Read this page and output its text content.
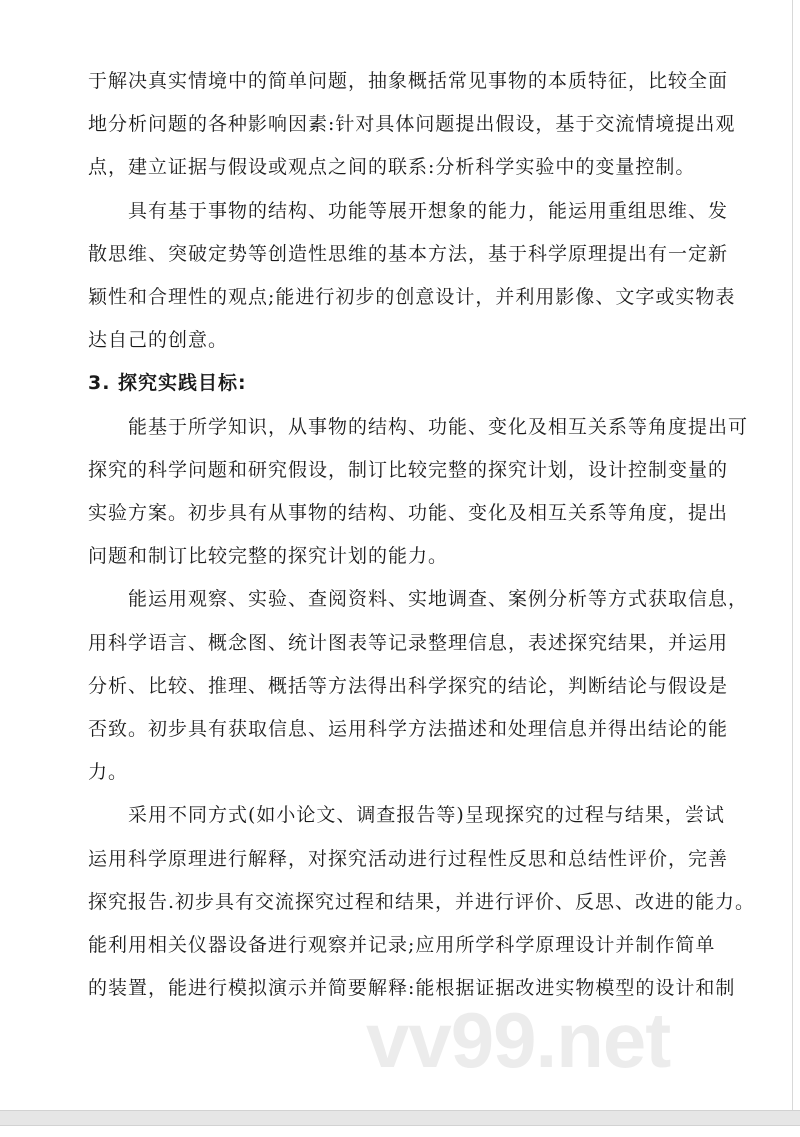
于解决真实情境中的简单问题，抽象概括常见事物的本质特征，比较全面
地分析问题的各种影响因素:针对具体问题提出假设，基于交流情境提出观
点，建立证据与假设或观点之间的联系:分析科学实验中的变量控制。
具有基于事物的结构、功能等展开想象的能力，能运用重组思维、发
散思维、突破定势等创造性思维的基本方法，基于科学原理提出有一定新
颖性和合理性的观点;能进行初步的创意设计，并利用影像、文字或实物表
达自己的创意。
3. 探究实践目标:
能基于所学知识，从事物的结构、功能、变化及相互关系等角度提出可
探究的科学问题和研究假设，制订比较完整的探究计划，设计控制变量的
实验方案。初步具有从事物的结构、功能、变化及相互关系等角度，提出
问题和制订比较完整的探究计划的能力。
能运用观察、实验、查阅资料、实地调查、案例分析等方式获取信息，
用科学语言、概念图、统计图表等记录整理信息，表述探究结果，并运用
分析、比较、推理、概括等方法得出科学探究的结论，判断结论与假设是
否致。初步具有获取信息、运用科学方法描述和处理信息并得出结论的能
力。
采用不同方式(如小论文、调查报告等)呈现探究的过程与结果，尝试
运用科学原理进行解释，对探究活动进行过程性反思和总结性评价，完善
探究报告.初步具有交流探究过程和结果，并进行评价、反思、改进的能力。
能利用相关仪器设备进行观察并记录;应用所学科学原理设计并制作简单
的装置，能进行模拟演示并简要解释:能根据证据改进实物模型的设计和制
vv99.net
